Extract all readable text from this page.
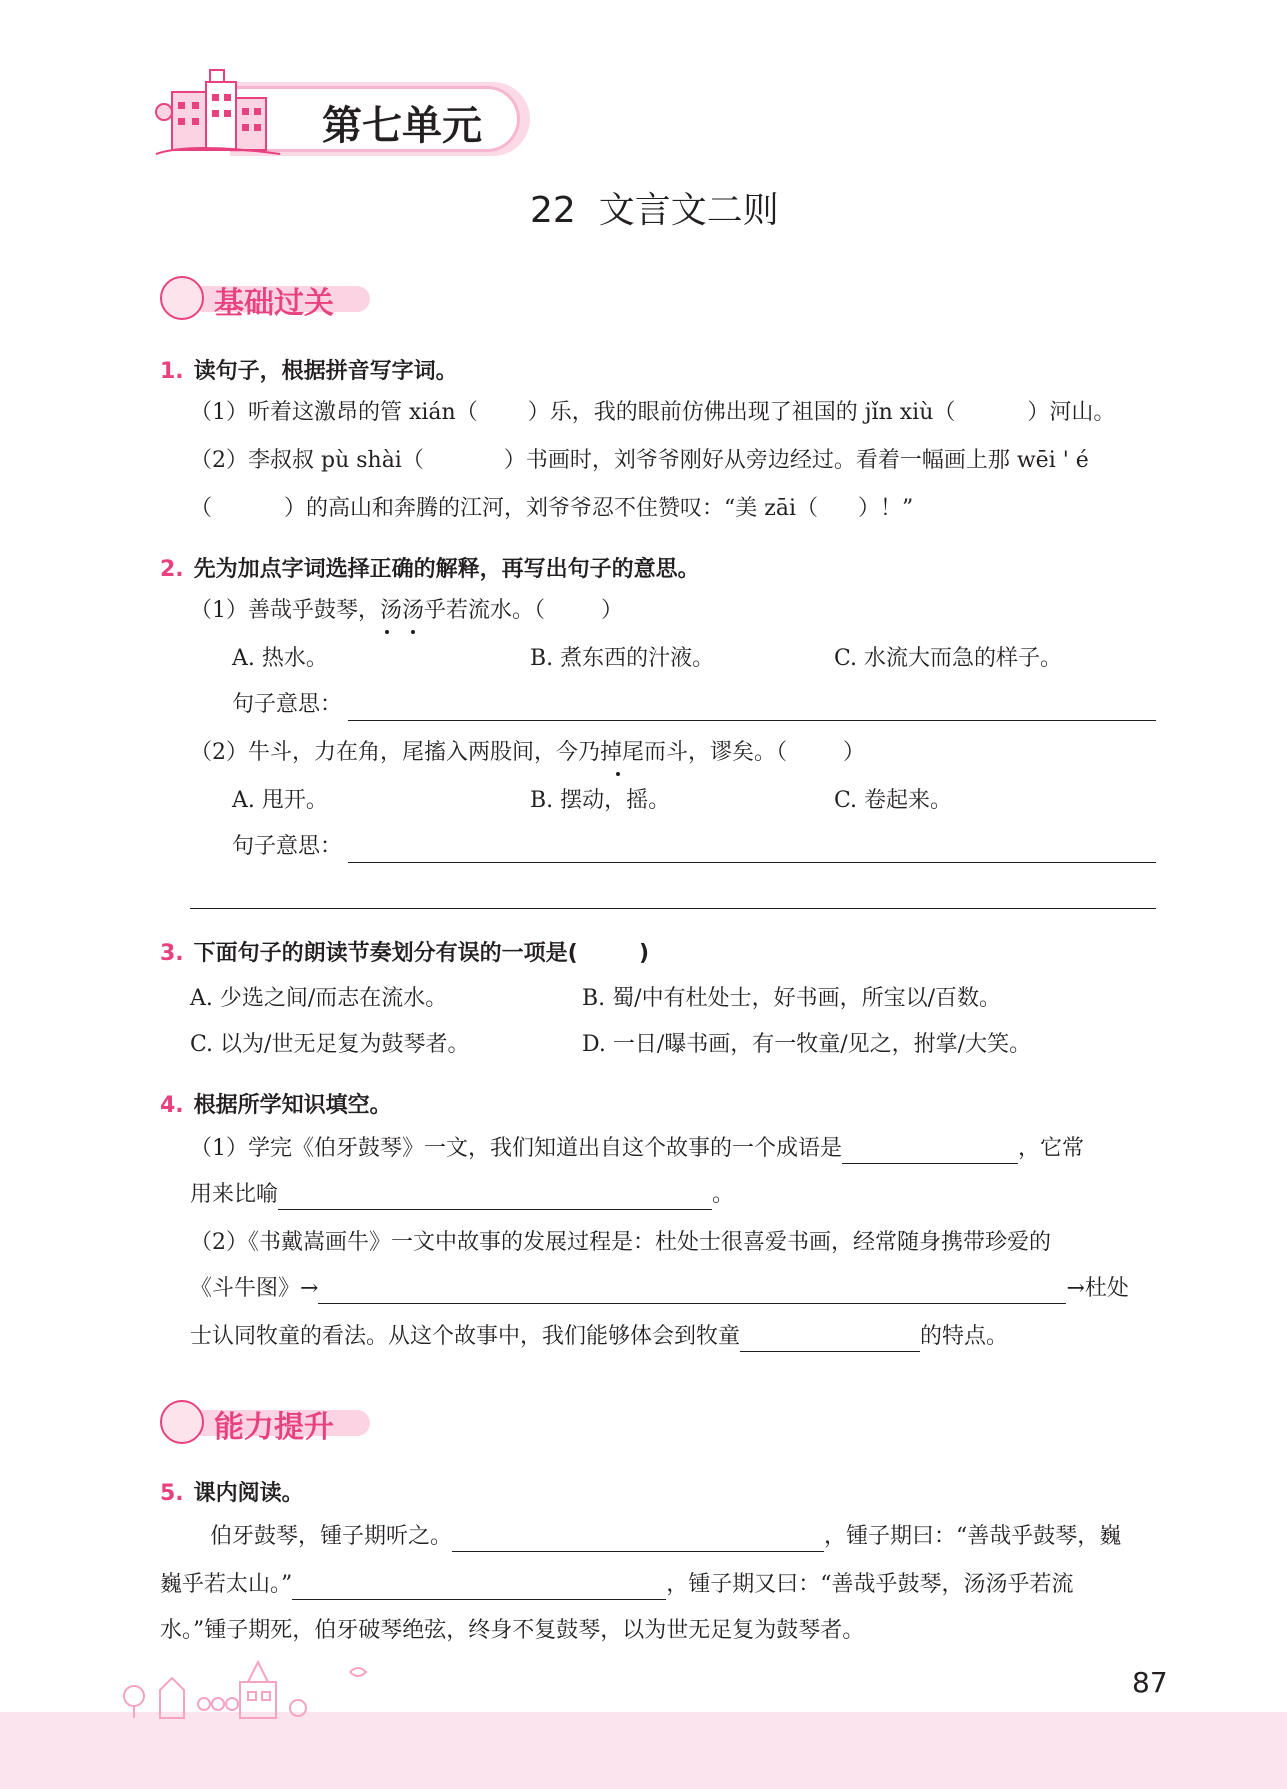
第七单元
22  文言文二则
基础过关
1. 读句子，根据拼音写字词。
（1）听着这激昂的管 xián（ ）乐，我的眼前仿佛出现了祖国的 jǐn xiù（	）河山。
（2）李叔叔 pù shài（	）书画时，刘爷爷刚好从旁边经过。看着一幅画上那 wēi ' é
（	）的高山和奔腾的江河，刘爷爷忍不住赞叹：“美 zāi（ ）！”
2. 先为加点字词选择正确的解释，再写出句子的意思。
（1）善哉乎鼓琴，汤汤乎若流水。（        ）
A. 热水。	B. 煮东西的汁液。	C. 水流大而急的样子。
句子意思：
（2）牛斗，力在角，尾搐入两股间，今乃掉尾而斗，谬矣。（        ）
A. 甩开。	B. 摆动，摇。	C. 卷起来。
句子意思：
3. 下面句子的朗读节奏划分有误的一项是(        )
A. 少选之间/而志在流水。	B. 蜀/中有杜处士，好书画，所宝以/百数。
C. 以为/世无足复为鼓琴者。	D. 一日/曝书画，有一牧童/见之，拊掌/大笑。
4. 根据所学知识填空。
（1）学完《伯牙鼓琴》一文，我们知道出自这个故事的一个成语是	，它常
用来比喻	。
（2）《书戴嵩画牛》一文中故事的发展过程是：杜处士很喜爱书画，经常随身携带珍爱的
《斗牛图》→	→杜处
士认同牧童的看法。从这个故事中，我们能够体会到牧童	的特点。
能力提升
5. 课内阅读。
伯牙鼓琴，锺子期听之。	，锺子期曰：“善哉乎鼓琴，巍
巍乎若太山。”	，锺子期又曰：“善哉乎鼓琴，汤汤乎若流
水。”锺子期死，伯牙破琴绝弦，终身不复鼓琴，以为世无足复为鼓琴者。
87
